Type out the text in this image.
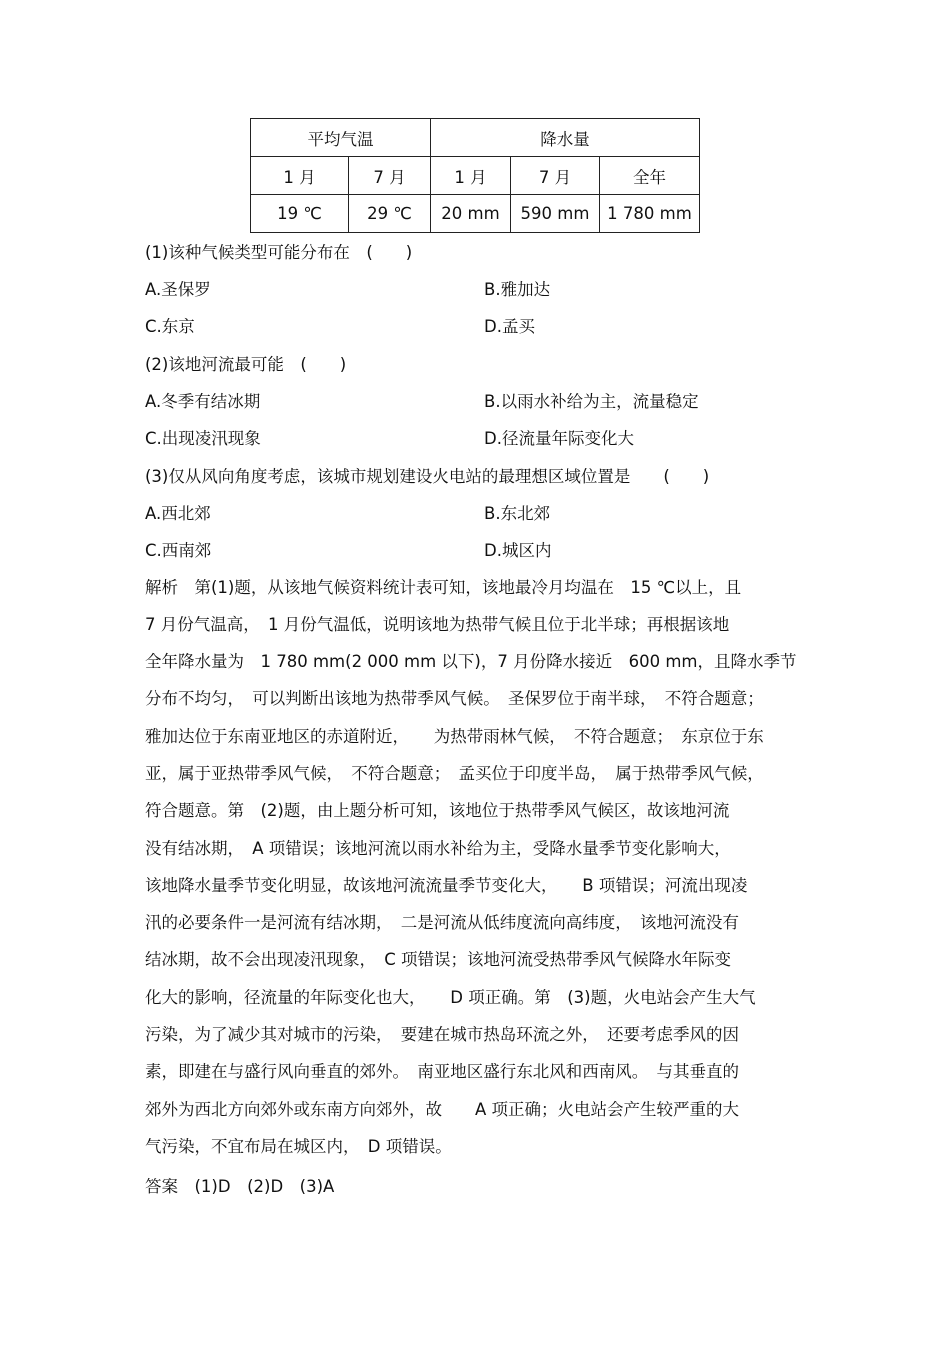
平均气温		降水量		
1 月	7 月	1 月	7 月	全年
19 ℃	29 ℃	20 mm	590 mm	1 780 mm
(1)该种气候类型可能分布在　(　　)
A.圣保罗	B.雅加达
C.东京	D.孟买
(2)该地河流最可能　(　　)
A.冬季有结冰期	B.以雨水补给为主，流量稳定
C.出现凌汛现象	D.径流量年际变化大
(3)仅从风向角度考虑，该城市规划建设火电站的最理想区域位置是　　(　　)
A.西北郊	B.东北郊
C.西南郊	D.城区内
解析　第(1)题，从该地气候资料统计表可知，该地最冷月均温在　15 ℃以上，且
7 月份气温高，　1 月份气温低，说明该地为热带气候且位于北半球；再根据该地
全年降水量为　1 780 mm(2 000 mm 以下)，7 月份降水接近　600 mm，且降水季节
分布不均匀，　可以判断出该地为热带季风气候。　圣保罗位于南半球，　不符合题意；
雅加达位于东南亚地区的赤道附近，　　为热带雨林气候，　不符合题意；　东京位于东
亚，属于亚热带季风气候，　不符合题意；　孟买位于印度半岛，　属于热带季风气候，
符合题意。第　(2)题，由上题分析可知，该地位于热带季风气候区，故该地河流
没有结冰期，　A 项错误；该地河流以雨水补给为主，受降水量季节变化影响大，
该地降水量季节变化明显，故该地河流流量季节变化大，　　B 项错误；河流出现凌
汛的必要条件一是河流有结冰期，　二是河流从低纬度流向高纬度，　该地河流没有
结冰期，故不会出现凌汛现象，　C 项错误；该地河流受热带季风气候降水年际变
化大的影响，径流量的年际变化也大，　　D 项正确。第　(3)题，火电站会产生大气
污染，为了减少其对城市的污染，　要建在城市热岛环流之外，　还要考虑季风的因
素，即建在与盛行风向垂直的郊外。　南亚地区盛行东北风和西南风。　与其垂直的
郊外为西北方向郊外或东南方向郊外，故　　A 项正确；火电站会产生较严重的大
气污染，不宜布局在城区内，　D 项错误。
答案　(1)D　(2)D　(3)A
